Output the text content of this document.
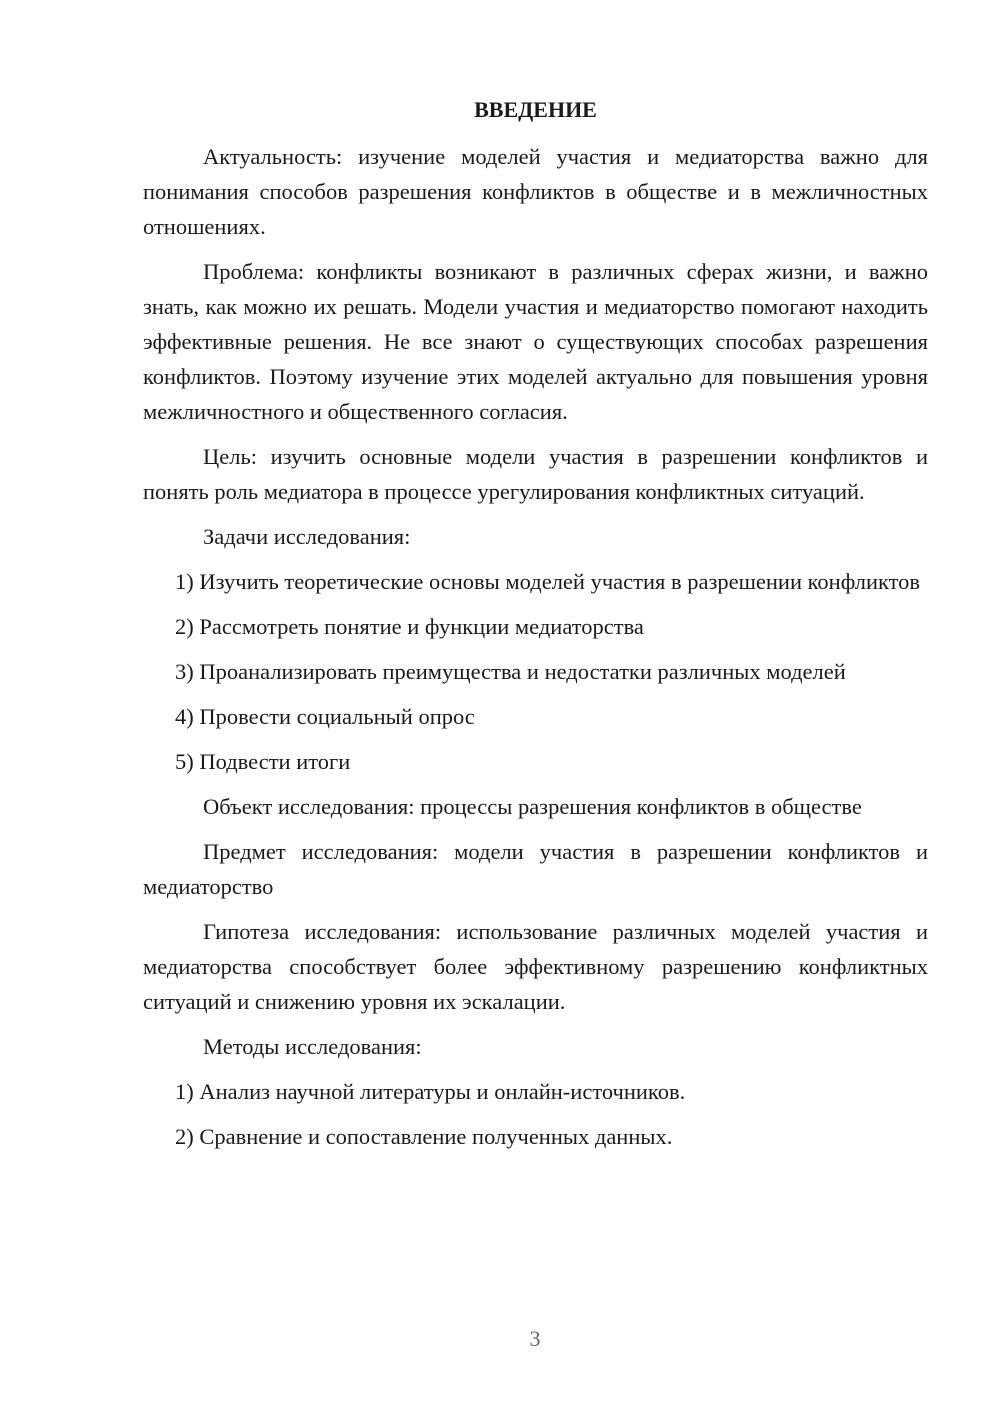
ВВЕДЕНИЕ

Актуальность: изучение моделей участия и медиаторства важно для понимания способов разрешения конфликтов в обществе и в межличностных отношениях.

Проблема: конфликты возникают в различных сферах жизни, и важно знать, как можно их решать. Модели участия и медиаторство помогают находить эффективные решения. Не все знают о существующих способах разрешения конфликтов. Поэтому изучение этих моделей актуально для повышения уровня межличностного и общественного согласия.

Цель: изучить основные модели участия в разрешении конфликтов и понять роль медиатора в процессе урегулирования конфликтных ситуаций.

Задачи исследования:

1) Изучить теоретические основы моделей участия в разрешении конфликтов

2) Рассмотреть понятие и функции медиаторства

3) Проанализировать преимущества и недостатки различных моделей

4) Провести социальный опрос

5) Подвести итоги

Объект исследования: процессы разрешения конфликтов в обществе

Предмет исследования: модели участия в разрешении конфликтов и медиаторство

Гипотеза исследования: использование различных моделей участия и медиаторства способствует более эффективному разрешению конфликтных ситуаций и снижению уровня их эскалации.

Методы исследования:

1) Анализ научной литературы и онлайн-источников.

2) Сравнение и сопоставление полученных данных.

3
